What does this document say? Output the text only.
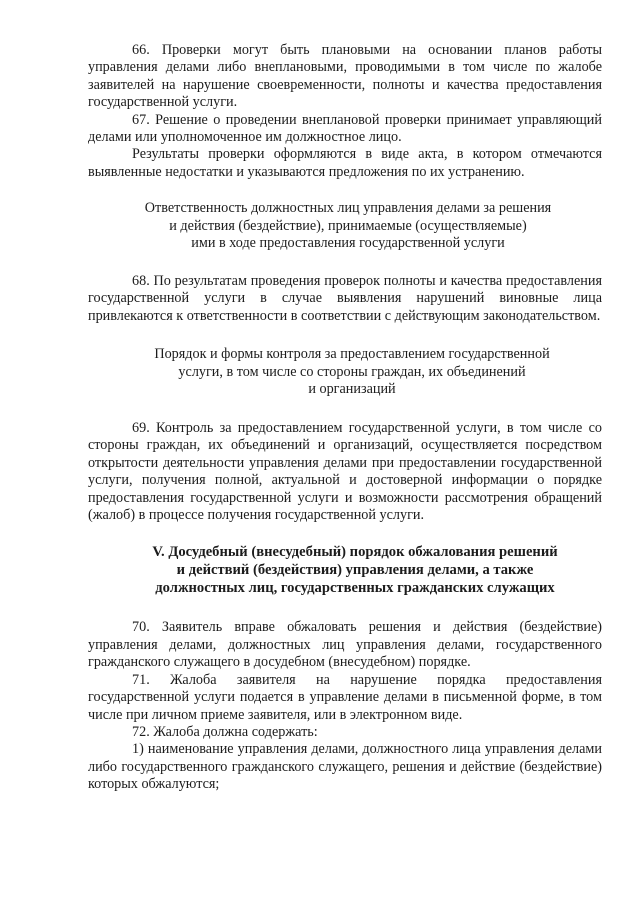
66. Проверки могут быть плановыми на основании планов работы управления делами либо внеплановыми, проводимыми в том числе по жалобе заявителей на нарушение своевременности, полноты и качества предоставления государственной услуги.

67. Решение о проведении внеплановой проверки принимает управляющий делами или уполномоченное им должностное лицо.

Результаты проверки оформляются в виде акта, в котором отмечаются выявленные недостатки и указываются предложения по их устранению.

Ответственность должностных лиц управления делами за решения
и действия (бездействие), принимаемые (осуществляемые)
ими в ходе предоставления государственной услуги

68. По результатам проведения проверок полноты и качества предоставления государственной услуги в случае выявления нарушений виновные лица привлекаются к ответственности в соответствии с действующим законодательством.

Порядок и формы контроля за предоставлением государственной
услуги, в том числе со стороны граждан, их объединений
и организаций

69. Контроль за предоставлением государственной услуги, в том числе со стороны граждан, их объединений и организаций, осуществляется посредством открытости деятельности управления делами при предоставлении государственной услуги, получения полной, актуальной и достоверной информации о порядке предоставления государственной услуги и возможности рассмотрения обращений (жалоб) в процессе получения государственной услуги.

V. Досудебный (внесудебный) порядок обжалования решений
и действий (бездействия) управления делами, а также
должностных лиц, государственных гражданских служащих

70. Заявитель вправе обжаловать решения и действия (бездействие) управления делами, должностных лиц управления делами, государственного гражданского служащего в досудебном (внесудебном) порядке.

71. Жалоба заявителя на нарушение порядка предоставления государственной услуги подается в управление делами в письменной форме, в том числе при личном приеме заявителя, или в электронном виде.

72. Жалоба должна содержать:

1) наименование управления делами, должностного лица управления делами либо государственного гражданского служащего, решения и действие (бездействие) которых обжалуются;
